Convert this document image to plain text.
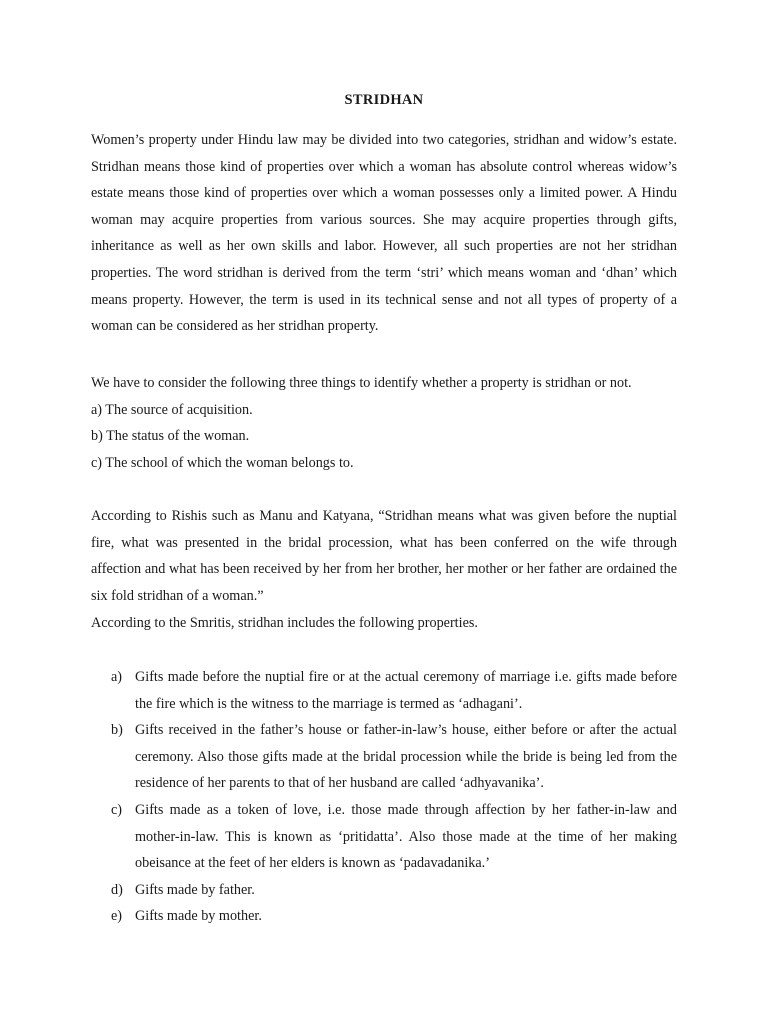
STRIDHAN
Women’s property under Hindu law may be divided into two categories, stridhan and widow’s estate. Stridhan means those kind of properties over which a woman has absolute control whereas widow’s estate means those kind of properties over which a woman possesses only a limited power. A Hindu woman may acquire properties from various sources. She may acquire properties through gifts, inheritance as well as her own skills and labor. However, all such properties are not her stridhan properties. The word stridhan is derived from the term ‘stri’ which means woman and ‘dhan’ which means property. However, the term is used in its technical sense and not all types of property of a woman can be considered as her stridhan property.
We have to consider the following three things to identify whether a property is stridhan or not.
a) The source of acquisition.
b) The status of the woman.
c) The school of which the woman belongs to.
According to Rishis such as Manu and Katyana, “Stridhan means what was given before the nuptial fire, what was presented in the bridal procession, what has been conferred on the wife through affection and what has been received by her from her brother, her mother or her father are ordained the six fold stridhan of a woman.”
According to the Smritis, stridhan includes the following properties.
a) Gifts made before the nuptial fire or at the actual ceremony of marriage i.e. gifts made before the fire which is the witness to the marriage is termed as ‘adhagani’.
b) Gifts received in the father’s house or father-in-law’s house, either before or after the actual ceremony. Also those gifts made at the bridal procession while the bride is being led from the residence of her parents to that of her husband are called ‘adhyavanika’.
c) Gifts made as a token of love, i.e. those made through affection by her father-in-law and mother-in-law. This is known as ‘pritidatta’. Also those made at the time of her making obeisance at the feet of her elders is known as ‘padavadanika.’
d) Gifts made by father.
e) Gifts made by mother.
